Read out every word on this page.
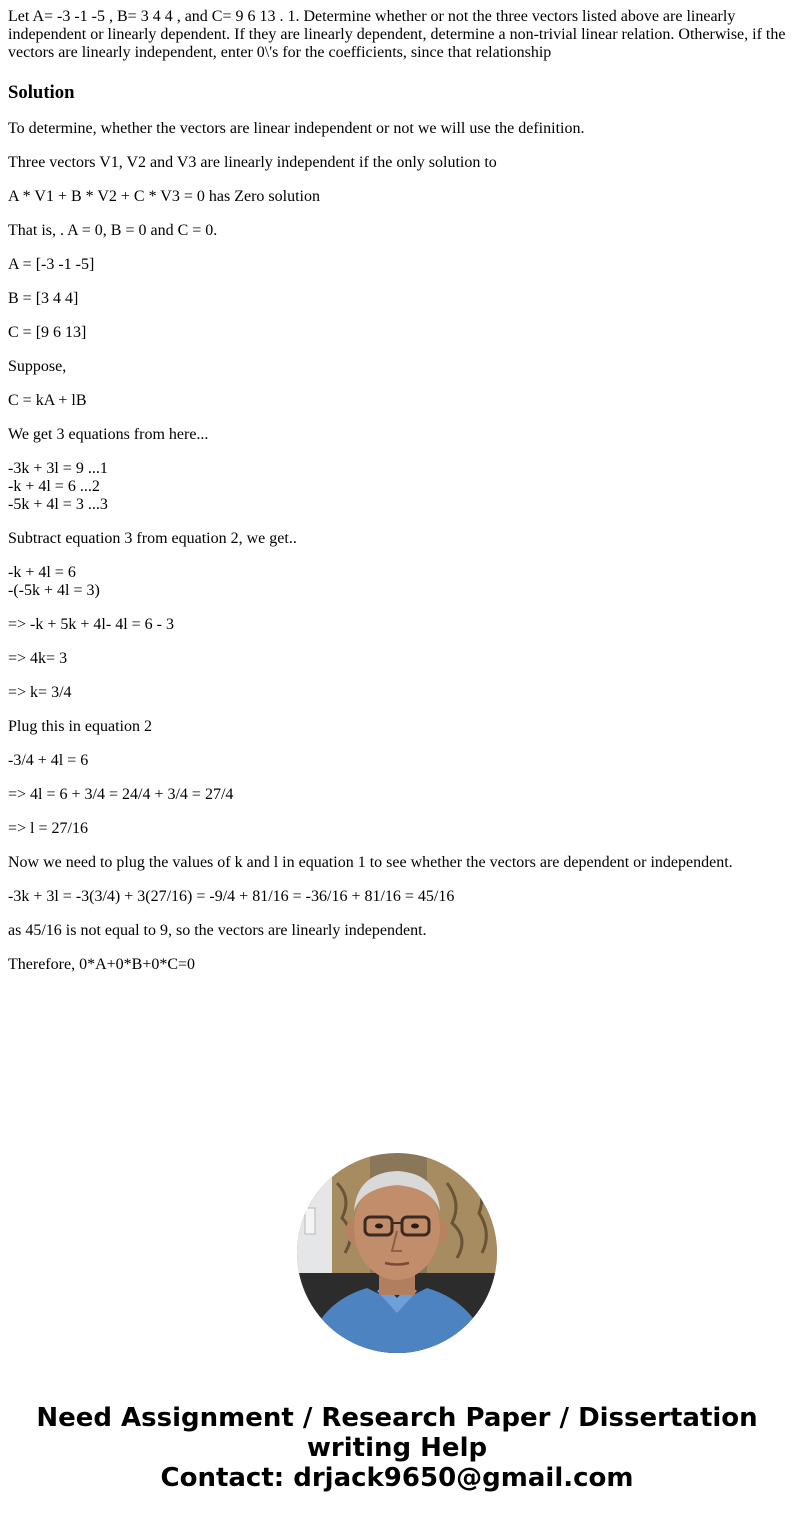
Let A= -3 -1 -5 , B= 3 4 4 , and C= 9 6 13 . 1. Determine whether or not the three vectors listed above are linearly independent or linearly dependent. If they are linearly dependent, determine a non-trivial linear relation. Otherwise, if the vectors are linearly independent, enter 0\'s for the coefficients, since that relationship

Solution

To determine, whether the vectors are linear independent or not we will use the definition.

Three vectors V1, V2 and V3 are linearly independent if the only solution to

A * V1 + B * V2 + C * V3 = 0 has Zero solution

That is, . A = 0, B = 0 and C = 0.

A = [-3 -1 -5]

B = [3 4 4]

C = [9 6 13]

Suppose,

C = kA + lB

We get 3 equations from here...

-3k + 3l = 9 ...1
-k + 4l = 6 ...2
-5k + 4l = 3 ...3

Subtract equation 3 from equation 2, we get..

-k + 4l = 6
-(-5k + 4l = 3)

=> -k + 5k + 4l- 4l = 6 - 3

=> 4k= 3

=> k= 3/4

Plug this in equation 2

-3/4 + 4l = 6

=> 4l = 6 + 3/4 = 24/4 + 3/4 = 27/4

=> l = 27/16

Now we need to plug the values of k and l in equation 1 to see whether the vectors are dependent or independent.

-3k + 3l = -3(3/4) + 3(27/16) = -9/4 + 81/16 = -36/16 + 81/16 = 45/16

as 45/16 is not equal to 9, so the vectors are linearly independent.

Therefore, 0*A+0*B+0*C=0

Need Assignment / Research Paper / Dissertation
writing Help
Contact: drjack9650@gmail.com
